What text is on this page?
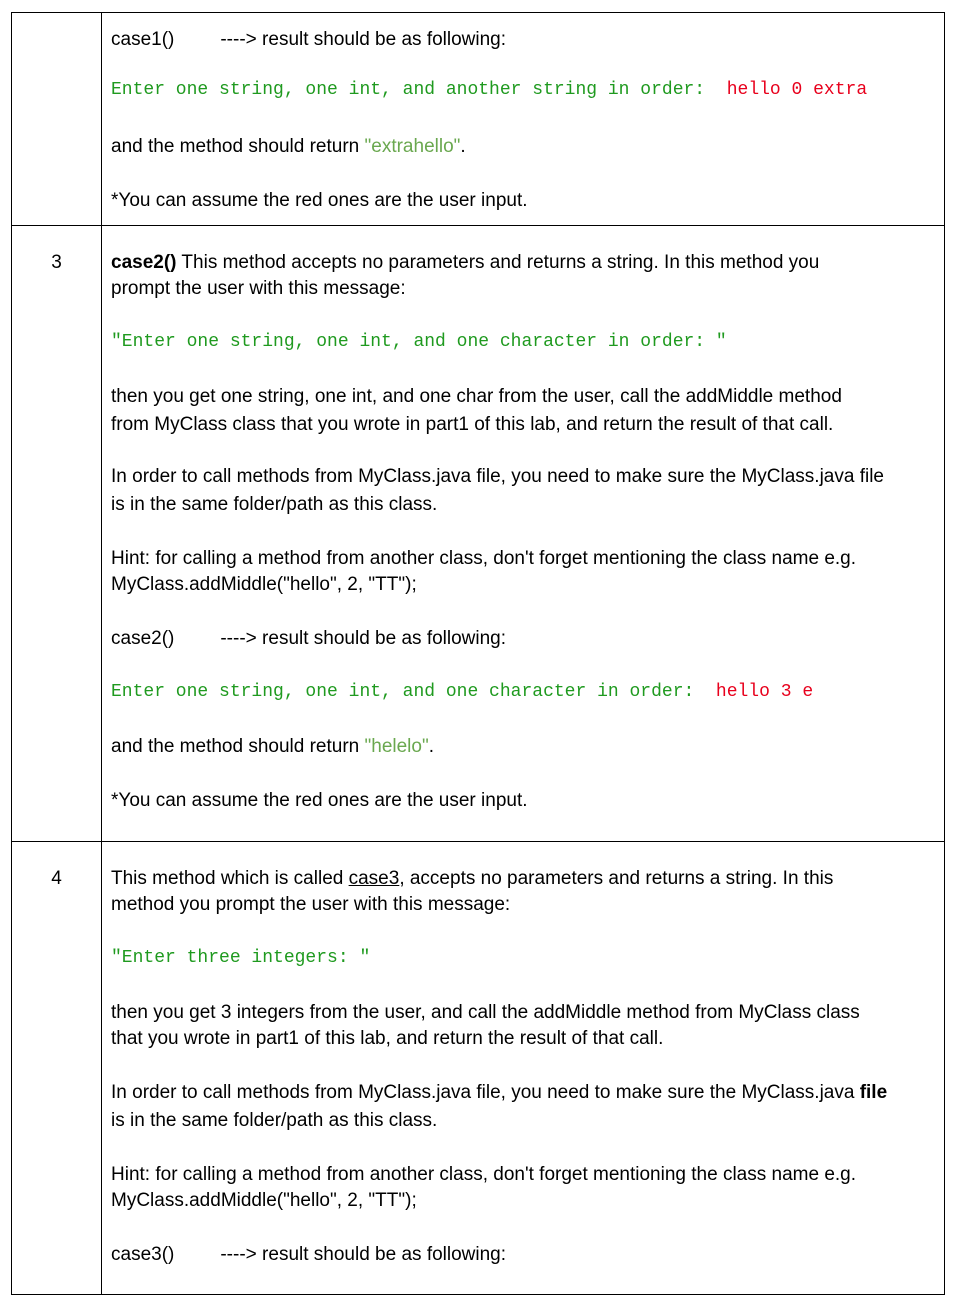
case1() ----> result should be as following:
Enter one string, one int, and another string in order: hello 0 extra
and the method should return "extrahello".
*You can assume the red ones are the user input.
3	case2() This method accepts no parameters and returns a string. In this method you
prompt the user with this message:
"Enter one string, one int, and one character in order: "
then you get one string, one int, and one char from the user, call the addMiddle method
from MyClass class that you wrote in part1 of this lab, and return the result of that call.
In order to call methods from MyClass.java file, you need to make sure the MyClass.java file
is in the same folder/path as this class.
Hint: for calling a method from another class, don't forget mentioning the class name e.g.
MyClass.addMiddle("hello", 2, "TT");
case2() ----> result should be as following:
Enter one string, one int, and one character in order: hello 3 e
and the method should return "helelo".
*You can assume the red ones are the user input.
4	This method which is called case3, accepts no parameters and returns a string. In this
method you prompt the user with this message:
"Enter three integers: "
then you get 3 integers from the user, and call the addMiddle method from MyClass class
that you wrote in part1 of this lab, and return the result of that call.
In order to call methods from MyClass.java file, you need to make sure the MyClass.java file
is in the same folder/path as this class.
Hint: for calling a method from another class, don't forget mentioning the class name e.g.
MyClass.addMiddle("hello", 2, "TT");
case3() ----> result should be as following:
